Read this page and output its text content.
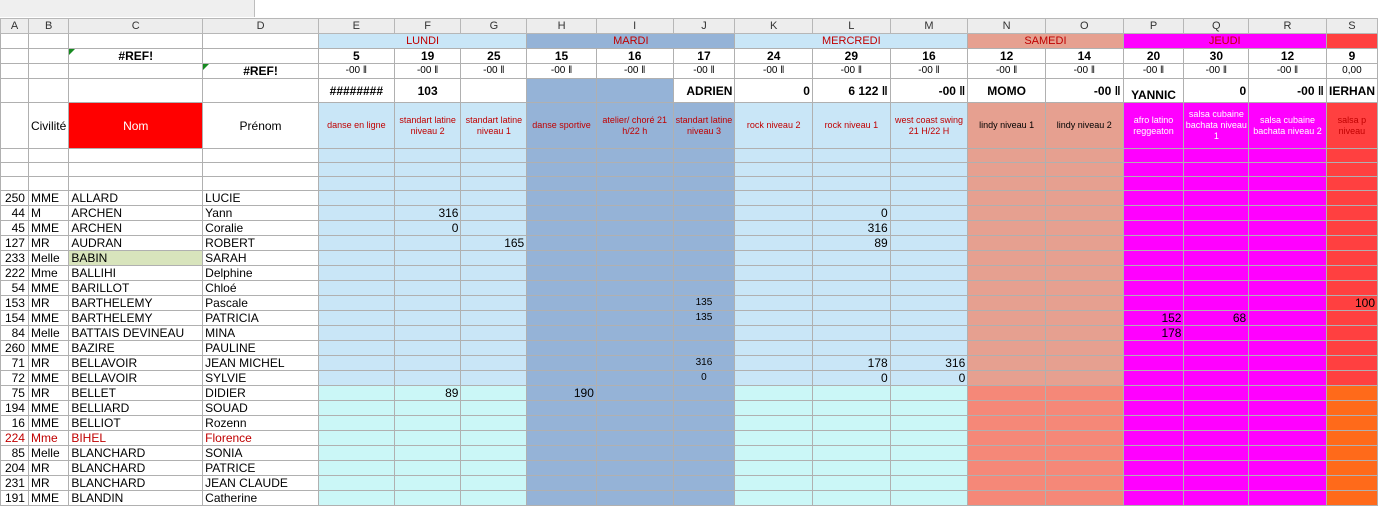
A	B	C	D	E	F	G	H	I	J	K	L	M	N	O	P	Q	R	S
				LUNDI			MARDI			MERCREDI			SAMEDI		JEUDI			
		#REF!		5	19	25	15	16	17	24	29	16	12	14	20	30	12	9
			#REF!	-00 ‖	-00 ‖	-00 ‖	-00 ‖	-00 ‖	-00 ‖	-00 ‖	-00 ‖	-00 ‖	-00 ‖	-00 ‖	-00 ‖	-00 ‖	-00 ‖	0,00
				########	103				ADRIEN	0	6 122 ‖	-00 ‖	MOMO	-00 ‖	YANNIC	0	-00 ‖	IERHAN
	Civilité	Nom	Prénom	danse en ligne	standart latine niveau 2	standart latine niveau 1	danse sportive	atelier/ choré 21 h/22 h	standart latine niveau 3	rock niveau 2	rock niveau 1	west coast swing 21 H/22 H	lindy niveau 1	lindy niveau 2	afro latino reggeaton	salsa cubaine bachata niveau 1	salsa cubaine bachata niveau 2	salsa p niveau

250	MME	ALLARD	LUCIE															
44	M	ARCHEN	Yann		316						0							
45	MME	ARCHEN	Coralie		0						316							
127	MR	AUDRAN	ROBERT			165					89							
233	Melle	BABIN	SARAH															
222	Mme	BALLIHI	Delphine															
54	MME	BARILLOT	Chloé															
153	MR	BARTHELEMY	Pascale						135									100
154	MME	BARTHELEMY	PATRICIA						135						152	68		
84	Melle	BATTAIS DEVINEAU	MINA												178			
260	MME	BAZIRE	PAULINE															
71	MR	BELLAVOIR	JEAN MICHEL						316		178	316						
72	MME	BELLAVOIR	SYLVIE						0		0	0						
75	MR	BELLET	DIDIER		89		190											
194	MME	BELLIARD	SOUAD															
16	MME	BELLIOT	Rozenn															
224	Mme	BIHEL	Florence															
85	Melle	BLANCHARD	SONIA															
204	MR	BLANCHARD	PATRICE															
231	MR	BLANCHARD	JEAN CLAUDE															
191	MME	BLANDIN	Catherine															
